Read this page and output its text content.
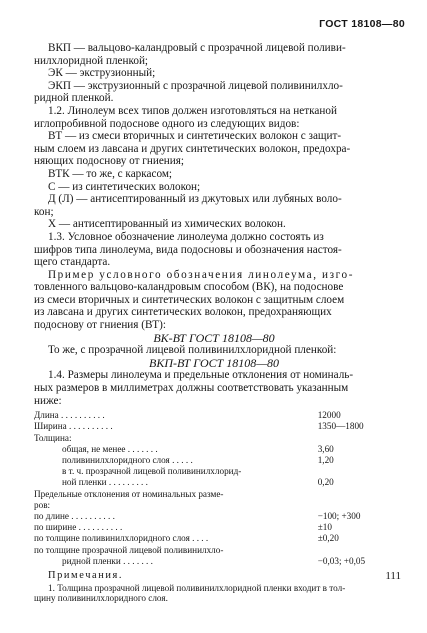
ГОСТ 18108—80

ВКП — вальцово-каландровый с прозрачной лицевой поливи-

нилхлоридной пленкой;

ЭК — экструзионный;

ЭКП — экструзионный с прозрачной лицевой поливинилхло-

ридной пленкой.

1.2. Линолеум всех типов должен изготовляться на нетканой

иглопробивной подоснове одного из следующих видов:

ВТ — из смеси вторичных и синтетических волокон с защит-

ным слоем из лавсана и других синтетических волокон, предохра-

няющих подоснову от гниения;

ВТК — то же, с каркасом;

С — из синтетических волокон;

Д (Л) — антисептированный из джутовых или лубяных воло-

кон;

Х — антисептированный из химических волокон.

1.3. Условное обозначение линолеума должно состоять из

шифров типа линолеума, вида подосновы и обозначения настоя-

щего стандарта.

Пример условного обозначения линолеума, изго-

товленного вальцово-каландровым способом (ВК), на подоснове

из смеси вторичных и синтетических волокон с защитным слоем

из лавсана и других синтетических волокон, предохраняющих

подоснову от гниения (ВТ):

ВК-ВТ ГОСТ 18108—80

То же, с прозрачной лицевой поливинилхлоридной пленкой:

ВКП-ВТ ГОСТ 18108—80

1.4. Размеры линолеума и предельные отклонения от номиналь-

ных размеров в миллиметрах должны соответствовать указанным

ниже:

Длина . . . . . . . . . .	12000
Ширина . . . . . . . . . .	1350—1800
Толщина:	
общая, не менее . . . . . . .	3,60
поливинилхлоридного слоя . . . . .	1,20
в т. ч. прозрачной лицевой поливинилхлорид-	
ной пленки . . . . . . . . .	0,20
Предельные отклонения от номинальных разме-	
ров:	
по длине . . . . . . . . . .	−100; +300
по ширине . . . . . . . . . .	±10
по толщине поливинилхлоридного слоя . . . .	±0,20
по толщине прозрачной лицевой поливинилхло-	
ридной пленки . . . . . . .	−0,03; +0,05

Примечания.

1. Толщина прозрачной лицевой поливинилхлоридной пленки входит в тол-

щину поливинилхлоридного слоя.

111
